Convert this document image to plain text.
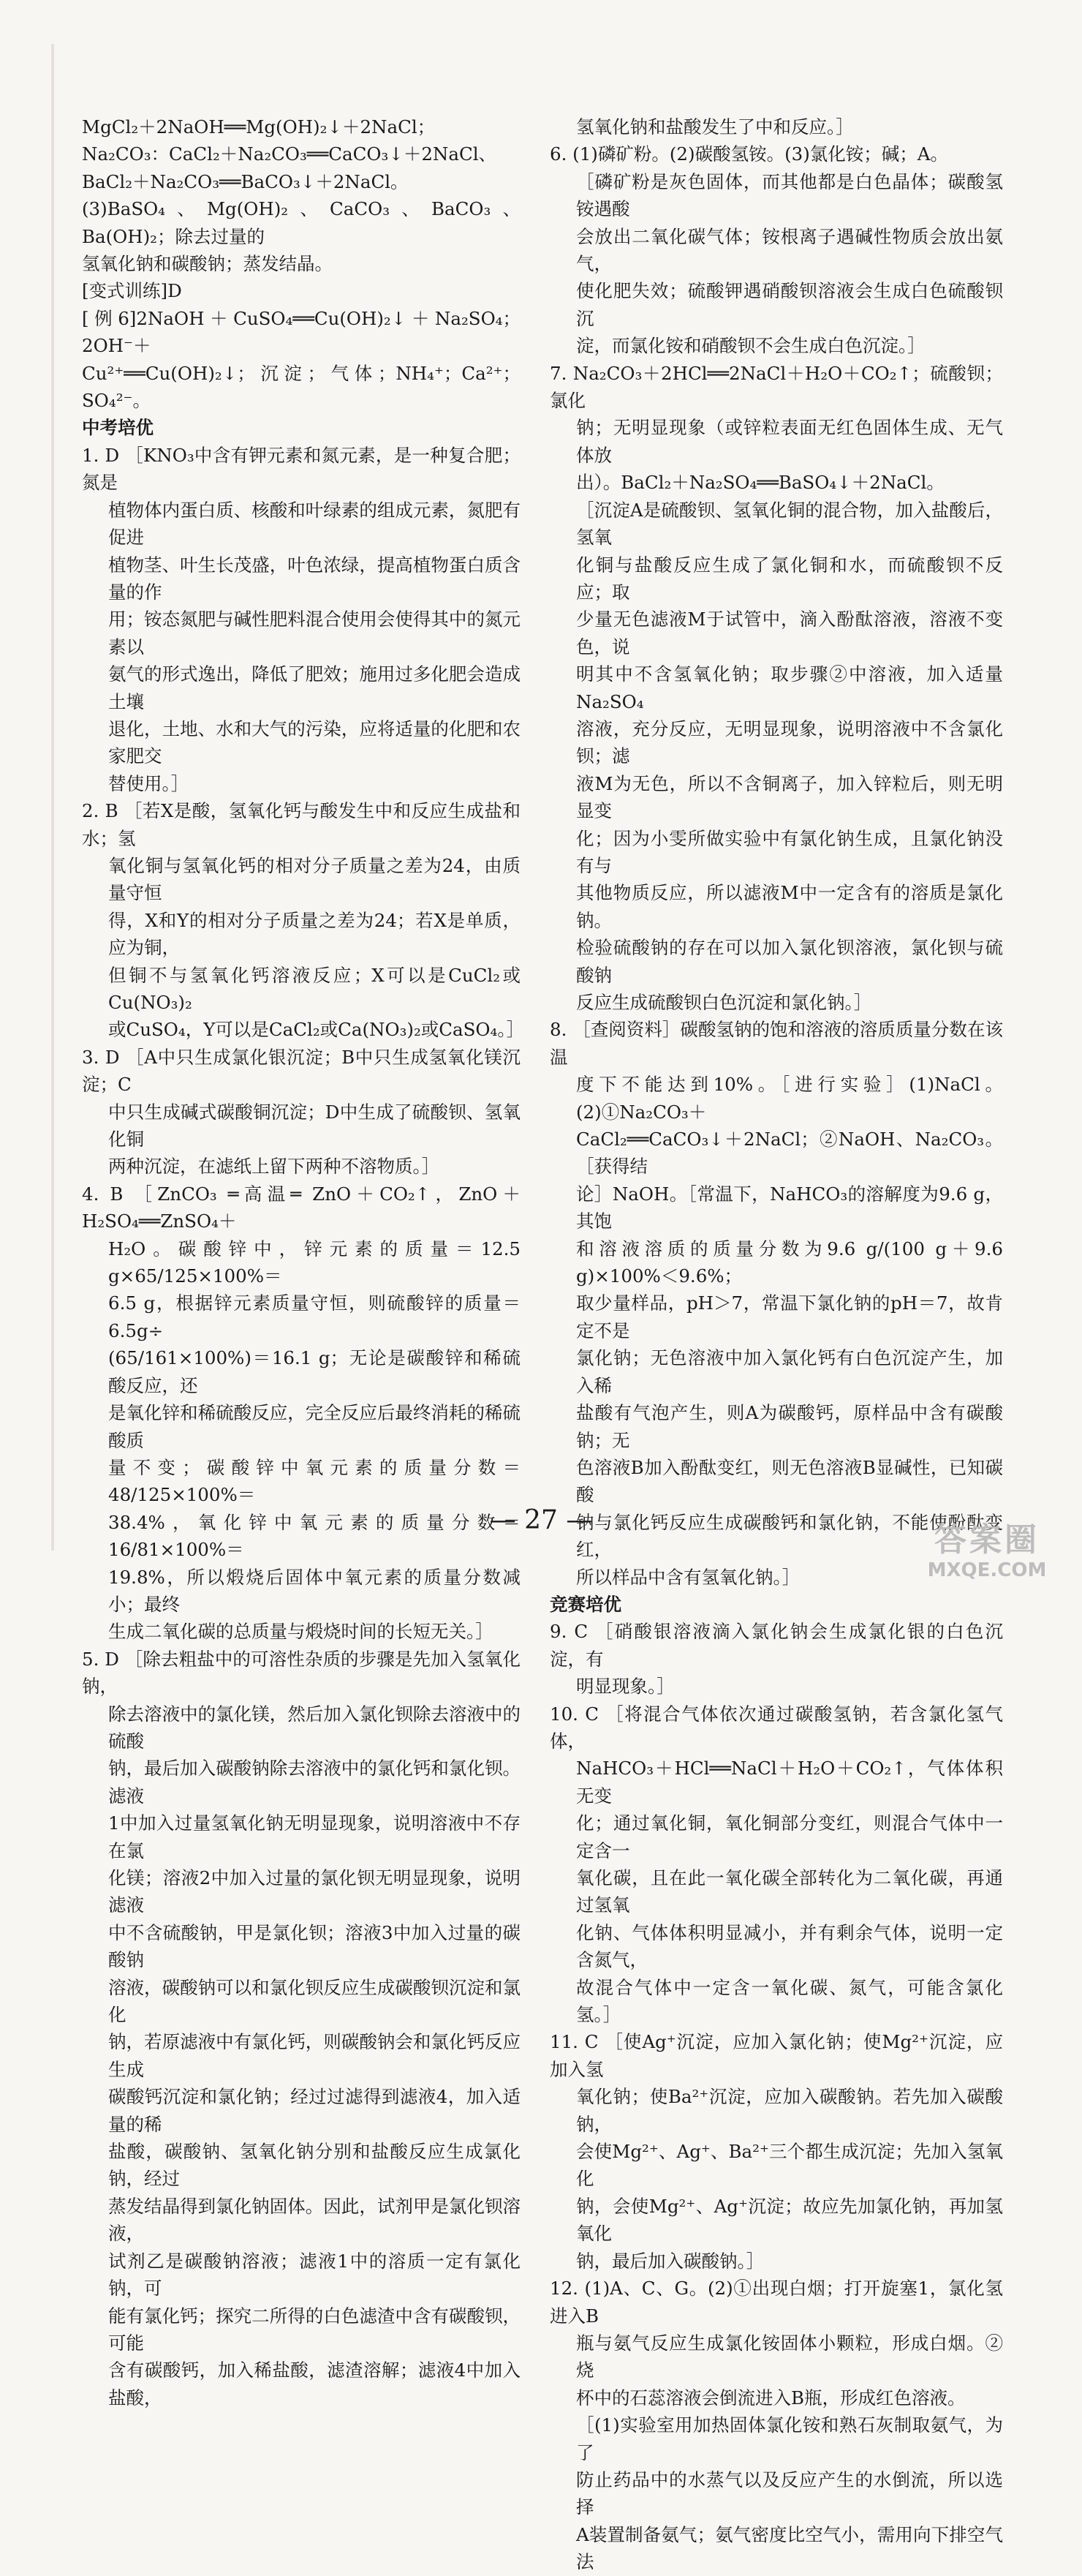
MgCl₂＋2NaOH══Mg(OH)₂↓＋2NaCl；
Na₂CO₃：CaCl₂＋Na₂CO₃══CaCO₃↓＋2NaCl、
BaCl₂＋Na₂CO₃══BaCO₃↓＋2NaCl。
(3)BaSO₄、Mg(OH)₂、CaCO₃、BaCO₃、Ba(OH)₂；除去过量的
氢氧化钠和碳酸钠；蒸发结晶。
[变式训练]D
[例6]2NaOH＋CuSO₄══Cu(OH)₂↓＋Na₂SO₄；2OH⁻＋
Cu²⁺══Cu(OH)₂↓；沉淀；气体；NH₄⁺；Ca²⁺；SO₄²⁻。
中考培优
1. D ［KNO₃中含有钾元素和氮元素，是一种复合肥；氮是
植物体内蛋白质、核酸和叶绿素的组成元素，氮肥有促进
植物茎、叶生长茂盛，叶色浓绿，提高植物蛋白质含量的作
用；铵态氮肥与碱性肥料混合使用会使得其中的氮元素以
氨气的形式逸出，降低了肥效；施用过多化肥会造成土壤
退化，土地、水和大气的污染，应将适量的化肥和农家肥交
替使用。］
2. B ［若X是酸，氢氧化钙与酸发生中和反应生成盐和水；氢
氧化铜与氢氧化钙的相对分子质量之差为24，由质量守恒
得，X和Y的相对分子质量之差为24；若X是单质，应为铜，
但铜不与氢氧化钙溶液反应；X可以是CuCl₂或Cu(NO₃)₂
或CuSO₄，Y可以是CaCl₂或Ca(NO₃)₂或CaSO₄。］
3. D ［A中只生成氯化银沉淀；B中只生成氢氧化镁沉淀；C
中只生成碱式碳酸铜沉淀；D中生成了硫酸钡、氢氧化铜
两种沉淀，在滤纸上留下两种不溶物质。］
4. B ［ZnCO₃ ═高温═ ZnO＋CO₂↑，ZnO＋H₂SO₄══ZnSO₄＋
H₂O。碳酸锌中，锌元素的质量＝12.5 g×65/125×100%＝
6.5 g，根据锌元素质量守恒，则硫酸锌的质量＝6.5g÷
(65/161×100%)＝16.1 g；无论是碳酸锌和稀硫酸反应，还
是氧化锌和稀硫酸反应，完全反应后最终消耗的稀硫酸质
量不变；碳酸锌中氧元素的质量分数＝48/125×100%＝
38.4%，氧化锌中氧元素的质量分数＝16/81×100%＝
19.8%，所以煅烧后固体中氧元素的质量分数减小；最终
生成二氧化碳的总质量与煅烧时间的长短无关。］
5. D ［除去粗盐中的可溶性杂质的步骤是先加入氢氧化钠，
除去溶液中的氯化镁，然后加入氯化钡除去溶液中的硫酸
钠，最后加入碳酸钠除去溶液中的氯化钙和氯化钡。滤液
1中加入过量氢氧化钠无明显现象，说明溶液中不存在氯
化镁；溶液2中加入过量的氯化钡无明显现象，说明滤液
中不含硫酸钠，甲是氯化钡；溶液3中加入过量的碳酸钠
溶液，碳酸钠可以和氯化钡反应生成碳酸钡沉淀和氯化
钠，若原滤液中有氯化钙，则碳酸钠会和氯化钙反应生成
碳酸钙沉淀和氯化钠；经过过滤得到滤液4，加入适量的稀
盐酸，碳酸钠、氢氧化钠分别和盐酸反应生成氯化钠，经过
蒸发结晶得到氯化钠固体。因此，试剂甲是氯化钡溶液，
试剂乙是碳酸钠溶液；滤液1中的溶质一定有氯化钠，可
能有氯化钙；探究二所得的白色滤渣中含有碳酸钡，可能
含有碳酸钙，加入稀盐酸，滤渣溶解；滤液4中加入盐酸，
氢氧化钠和盐酸发生了中和反应。］
6. (1)磷矿粉。(2)碳酸氢铵。(3)氯化铵；碱；A。
［磷矿粉是灰色固体，而其他都是白色晶体；碳酸氢铵遇酸
会放出二氧化碳气体；铵根离子遇碱性物质会放出氨气，
使化肥失效；硫酸钾遇硝酸钡溶液会生成白色硫酸钡沉
淀，而氯化铵和硝酸钡不会生成白色沉淀。］
7. Na₂CO₃＋2HCl══2NaCl＋H₂O＋CO₂↑；硫酸钡；氯化
钠；无明显现象（或锌粒表面无红色固体生成、无气体放
出）。BaCl₂＋Na₂SO₄══BaSO₄↓＋2NaCl。
［沉淀A是硫酸钡、氢氧化铜的混合物，加入盐酸后，氢氧
化铜与盐酸反应生成了氯化铜和水，而硫酸钡不反应；取
少量无色滤液M于试管中，滴入酚酞溶液，溶液不变色，说
明其中不含氢氧化钠；取步骤②中溶液，加入适量Na₂SO₄
溶液，充分反应，无明显现象，说明溶液中不含氯化钡；滤
液M为无色，所以不含铜离子，加入锌粒后，则无明显变
化；因为小雯所做实验中有氯化钠生成，且氯化钠没有与
其他物质反应，所以滤液M中一定含有的溶质是氯化钠。
检验硫酸钠的存在可以加入氯化钡溶液，氯化钡与硫酸钠
反应生成硫酸钡白色沉淀和氯化钠。］
8. ［查阅资料］碳酸氢钠的饱和溶液的溶质质量分数在该温
度下不能达到10%。［进行实验］(1)NaCl。(2)①Na₂CO₃＋
CaCl₂══CaCO₃↓＋2NaCl；②NaOH、Na₂CO₃。［获得结
论］NaOH。［常温下，NaHCO₃的溶解度为9.6 g，其饱
和溶液溶质的质量分数为9.6 g/(100 g＋9.6 g)×100%＜9.6%；
取少量样品，pH＞7，常温下氯化钠的pH＝7，故肯定不是
氯化钠；无色溶液中加入氯化钙有白色沉淀产生，加入稀
盐酸有气泡产生，则A为碳酸钙，原样品中含有碳酸钠；无
色溶液B加入酚酞变红，则无色溶液B显碱性，已知碳酸
钠与氯化钙反应生成碳酸钙和氯化钠，不能使酚酞变红，
所以样品中含有氢氧化钠。］
竞赛培优
9. C ［硝酸银溶液滴入氯化钠会生成氯化银的白色沉淀，有
明显现象。］
10. C ［将混合气体依次通过碳酸氢钠，若含氯化氢气体，
NaHCO₃＋HCl══NaCl＋H₂O＋CO₂↑，气体体积无变
化；通过氧化铜，氧化铜部分变红，则混合气体中一定含一
氧化碳，且在此一氧化碳全部转化为二氧化碳，再通过氢氧
化钠、气体体积明显减小，并有剩余气体，说明一定含氮气，
故混合气体中一定含一氧化碳、氮气，可能含氯化氢。］
11. C ［使Ag⁺沉淀，应加入氯化钠；使Mg²⁺沉淀，应加入氢
氧化钠；使Ba²⁺沉淀，应加入碳酸钠。若先加入碳酸钠，
会使Mg²⁺、Ag⁺、Ba²⁺三个都生成沉淀；先加入氢氧化
钠，会使Mg²⁺、Ag⁺沉淀；故应先加氯化钠，再加氢氧化
钠，最后加入碳酸钠。］
12. (1)A、C、G。(2)①出现白烟；打开旋塞1，氯化氢进入B
瓶与氨气反应生成氯化铵固体小颗粒，形成白烟。②烧
杯中的石蕊溶液会倒流进入B瓶，形成红色溶液。
［(1)实验室用加热固体氯化铵和熟石灰制取氨气，为了
防止药品中的水蒸气以及反应产生的水倒流，所以选择
A装置制备氨气；氨气密度比空气小，需用向下排空气法
— 27 —
答案圈
MXQE.COM
